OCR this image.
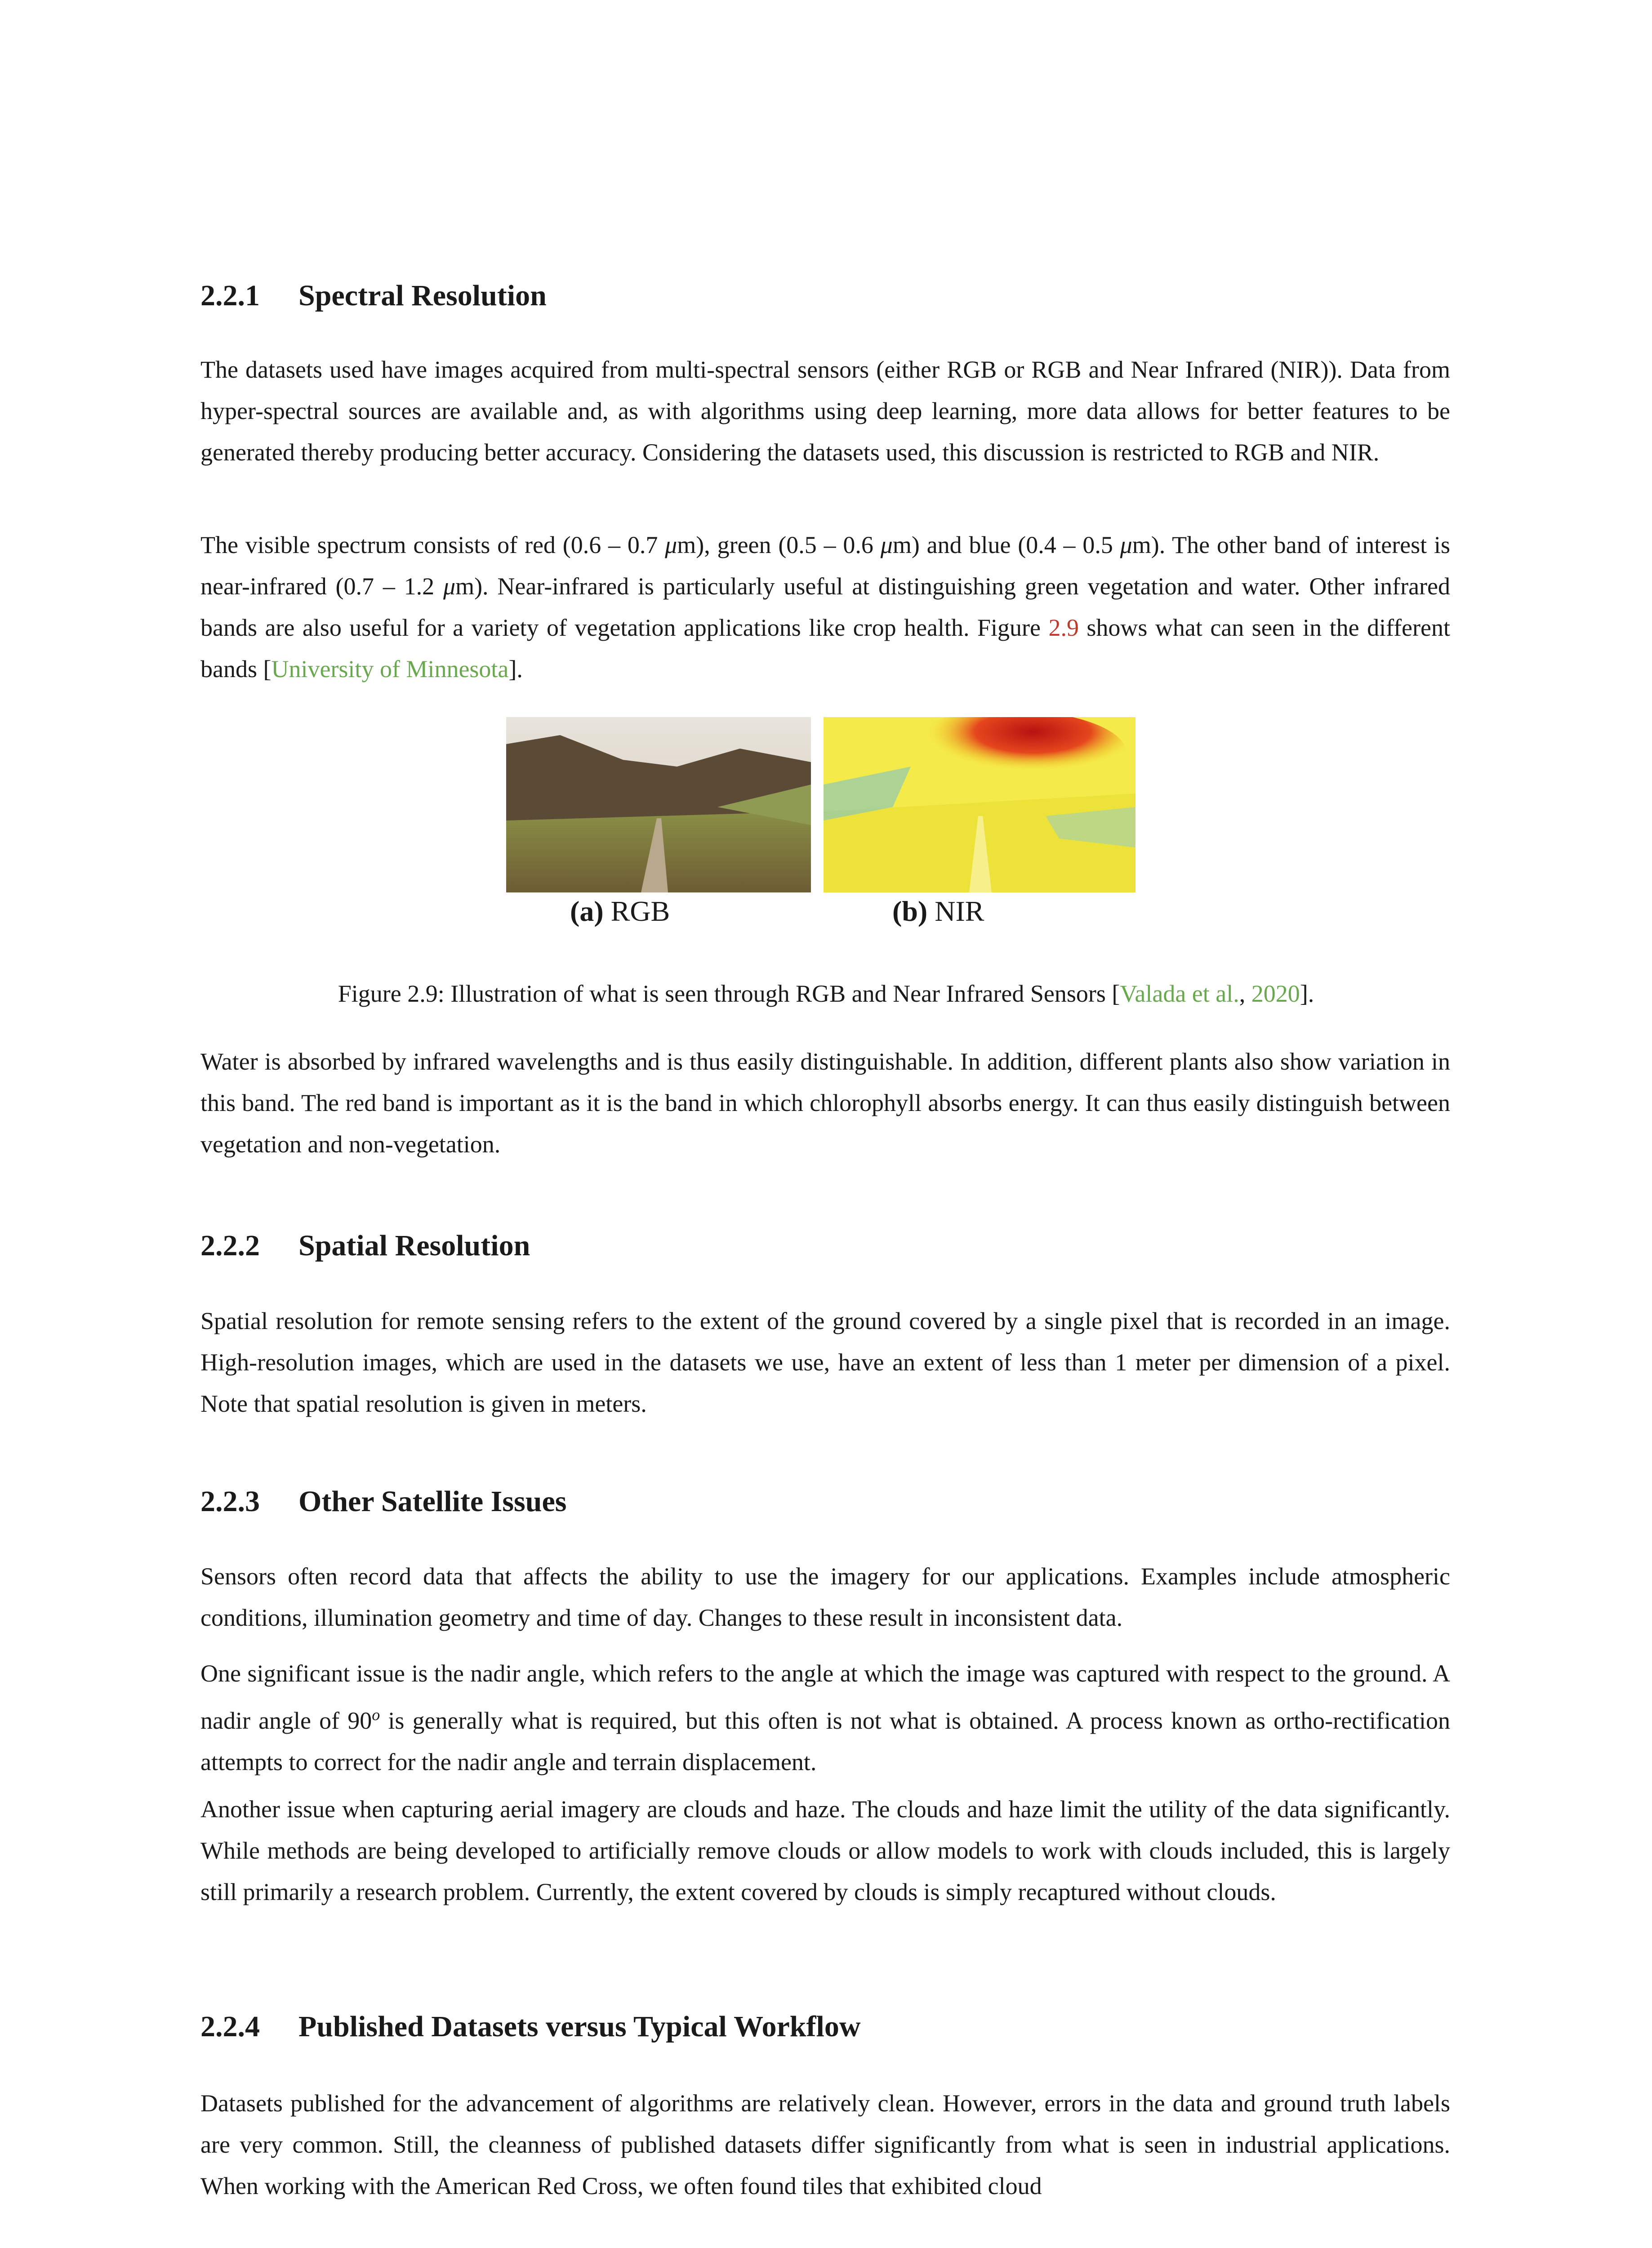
2.2.1 Spectral Resolution

The datasets used have images acquired from multi-spectral sensors (either RGB or RGB and Near Infrared (NIR)). Data from hyper-spectral sources are available and, as with algorithms using deep learning, more data allows for better features to be generated thereby producing better accuracy. Considering the datasets used, this discussion is restricted to RGB and NIR.

The visible spectrum consists of red (0.6 – 0.7 μm), green (0.5 – 0.6 μm) and blue (0.4 – 0.5 μm). The other band of interest is near-infrared (0.7 – 1.2 μm). Near-infrared is particularly useful at distinguishing green vegetation and water. Other infrared bands are also useful for a variety of vegetation applications like crop health. Figure 2.9 shows what can seen in the different bands [University of Minnesota].

(a) RGB	(b) NIR
Figure 2.9: Illustration of what is seen through RGB and Near Infrared Sensors [Valada et al., 2020].

Water is absorbed by infrared wavelengths and is thus easily distinguishable. In addition, different plants also show variation in this band. The red band is important as it is the band in which chlorophyll absorbs energy. It can thus easily distinguish between vegetation and non-vegetation.

2.2.2 Spatial Resolution

Spatial resolution for remote sensing refers to the extent of the ground covered by a single pixel that is recorded in an image. High-resolution images, which are used in the datasets we use, have an extent of less than 1 meter per dimension of a pixel. Note that spatial resolution is given in meters.

2.2.3 Other Satellite Issues

Sensors often record data that affects the ability to use the imagery for our applications. Examples include atmospheric conditions, illumination geometry and time of day. Changes to these result in inconsistent data.

One significant issue is the nadir angle, which refers to the angle at which the image was captured with respect to the ground. A nadir angle of 90$^o$ is generally what is required, but this often is not what is obtained. A process known as ortho-rectification attempts to correct for the nadir angle and terrain displacement.

Another issue when capturing aerial imagery are clouds and haze. The clouds and haze limit the utility of the data significantly. While methods are being developed to artificially remove clouds or allow models to work with clouds included, this is largely still primarily a research problem. Currently, the extent covered by clouds is simply recaptured without clouds.

2.2.4 Published Datasets versus Typical Workflow

Datasets published for the advancement of algorithms are relatively clean. However, errors in the data and ground truth labels are very common. Still, the cleanness of published datasets differ significantly from what is seen in industrial applications. When working with the American Red Cross, we often found tiles that exhibited cloud
